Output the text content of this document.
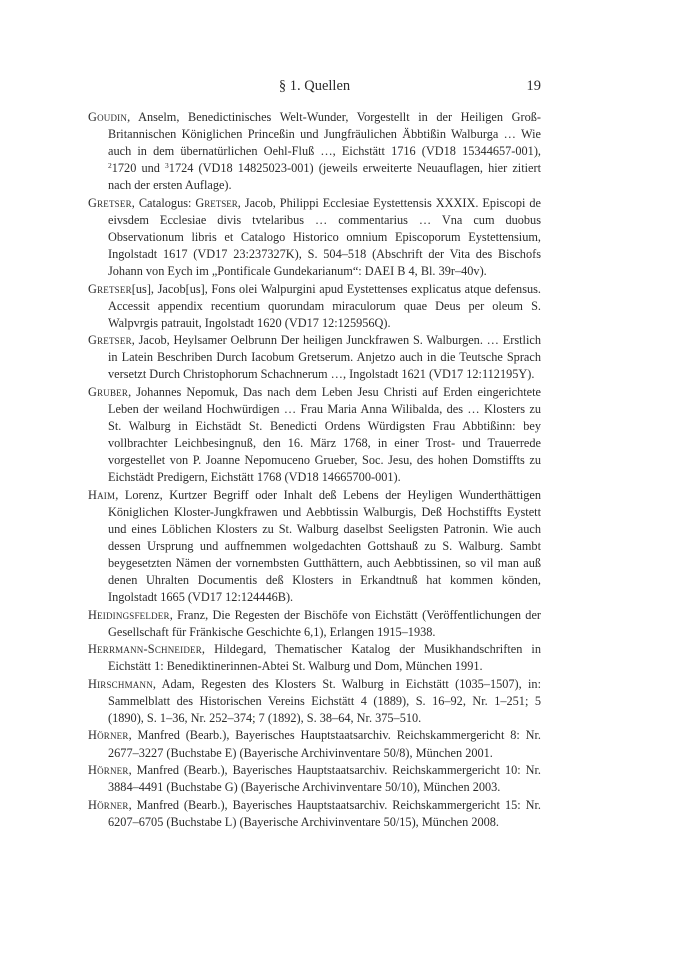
§ 1. Quellen	19
Goudin, Anselm, Benedictinisches Welt-Wunder, Vorgestellt in der Heiligen Groß-Britannischen Königlichen Princeßin und Jungfräulichen Äbbtißin Walburga … Wie auch in dem übernatürlichen Oehl-Fluß …, Eichstätt 1716 (VD18 15344657-001), $^2$1720 und $^3$1724 (VD18 14825023-001) (jeweils erweiterte Neuauflagen, hier zitiert nach der ersten Auflage).
Gretser, Catalogus: Gretser, Jacob, Philippi Ecclesiae Eystettensis XXXIX. Episcopi de eivsdem Ecclesiae divis tvtelaribus … commentarius … Vna cum duobus Observationum libris et Catalogo Historico omnium Episcoporum Eystettensium, Ingolstadt 1617 (VD17 23:237327K), S. 504–518 (Abschrift der Vita des Bischofs Johann von Eych im „Pontificale Gundekarianum“: DAEI B 4, Bl. 39r–40v).
Gretser[us], Jacob[us], Fons olei Walpurgini apud Eystettenses explicatus atque defensus. Accessit appendix recentium quorundam miraculorum quae Deus per oleum S. Walpvrgis patrauit, Ingolstadt 1620 (VD17 12:125956Q).
Gretser, Jacob, Heylsamer Oelbrunn Der heiligen Junckfrawen S. Walburgen. … Erstlich in Latein Beschriben Durch Iacobum Gretserum. Anjetzo auch in die Teutsche Sprach versetzt Durch Christophorum Schachnerum …, Ingolstadt 1621 (VD17 12:112195Y).
Gruber, Johannes Nepomuk, Das nach dem Leben Jesu Christi auf Erden eingerichtete Leben der weiland Hochwürdigen … Frau Maria Anna Wilibalda, des … Klosters zu St. Walburg in Eichstädt St. Benedicti Ordens Würdigsten Frau Abbtißinn: bey vollbrachter Leichbesingnuß, den 16. März 1768, in einer Trost- und Trauerrede vorgestellet von P. Joanne Nepomuceno Grueber, Soc. Jesu, des hohen Domstiffts zu Eichstädt Predigern, Eichstätt 1768 (VD18 14665700-001).
Haim, Lorenz, Kurtzer Begriff oder Inhalt deß Lebens der Heyligen Wunderthättigen Königlichen Kloster-Jungkfrawen und Aebbtissin Walburgis, Deß Hochstiffts Eystett und eines Löblichen Klosters zu St. Walburg daselbst Seeligsten Patronin. Wie auch dessen Ursprung und auffnemmen wolgedachten Gottshauß zu S. Walburg. Sambt beygesetzten Nämen der vornembsten Gutthättern, auch Aebbtissinen, so vil man auß denen Uhralten Documentis deß Klosters in Erkandtnuß hat kommen könden, Ingolstadt 1665 (VD17 12:124446B).
Heidingsfelder, Franz, Die Regesten der Bischöfe von Eichstätt (Veröffentlichungen der Gesellschaft für Fränkische Geschichte 6,1), Erlangen 1915–1938.
Herrmann-Schneider, Hildegard, Thematischer Katalog der Musikhandschriften in Eichstätt 1: Benediktinerinnen-Abtei St. Walburg und Dom, München 1991.
Hirschmann, Adam, Regesten des Klosters St. Walburg in Eichstätt (1035–1507), in: Sammelblatt des Historischen Vereins Eichstätt 4 (1889), S. 16–92, Nr. 1–251; 5 (1890), S. 1–36, Nr. 252–374; 7 (1892), S. 38–64, Nr. 375–510.
Hörner, Manfred (Bearb.), Bayerisches Hauptstaatsarchiv. Reichskammergericht 8: Nr. 2677–3227 (Buchstabe E) (Bayerische Archivinventare 50/8), München 2001.
Hörner, Manfred (Bearb.), Bayerisches Hauptstaatsarchiv. Reichskammergericht 10: Nr. 3884–4491 (Buchstabe G) (Bayerische Archivinventare 50/10), München 2003.
Hörner, Manfred (Bearb.), Bayerisches Hauptstaatsarchiv. Reichskammergericht 15: Nr. 6207–6705 (Buchstabe L) (Bayerische Archivinventare 50/15), München 2008.
